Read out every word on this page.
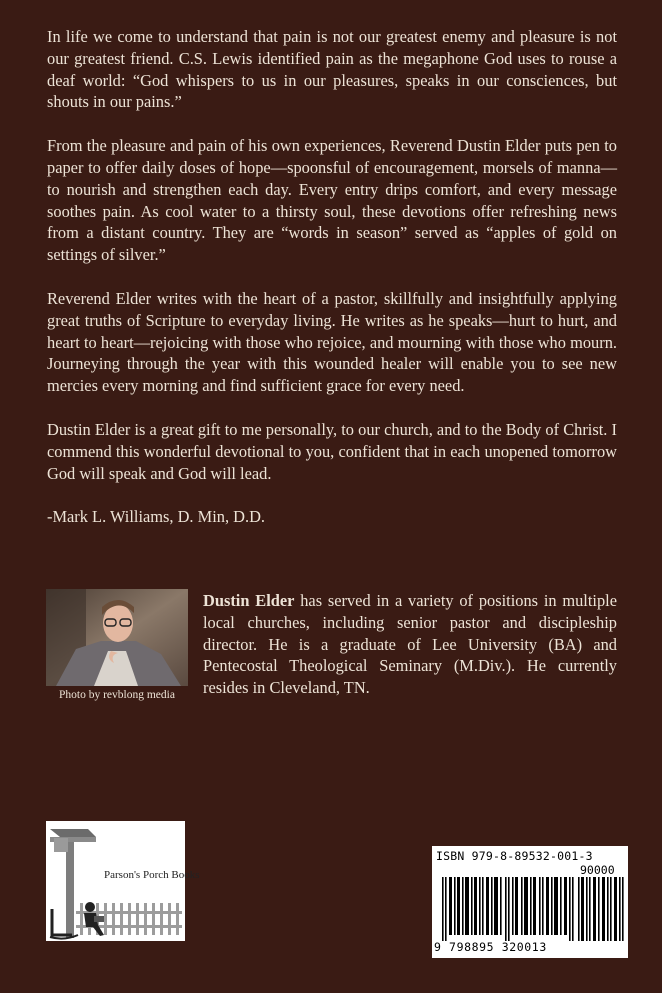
In life we come to understand that pain is not our greatest enemy and pleasure is not our greatest friend. C.S. Lewis identified pain as the megaphone God uses to rouse a deaf world: “God whispers to us in our pleasures, speaks in our consciences, but shouts in our pains.”

From the pleasure and pain of his own experiences, Reverend Dustin Elder puts pen to paper to offer daily doses of hope—spoonsful of encouragement, morsels of manna—to nourish and strengthen each day. Every entry drips comfort, and every message soothes pain. As cool water to a thirsty soul, these devotions offer refreshing news from a distant country. They are “words in season” served as “apples of gold on settings of silver.”

Reverend Elder writes with the heart of a pastor, skillfully and insightfully applying great truths of Scripture to everyday living. He writes as he speaks—hurt to hurt, and heart to heart—rejoicing with those who rejoice, and mourning with those who mourn. Journeying through the year with this wounded healer will enable you to see new mercies every morning and find sufficient grace for every need.

Dustin Elder is a great gift to me personally, to our church, and to the Body of Christ. I commend this wonderful devotional to you, confident that in each unopened tomorrow God will speak and God will lead.

-Mark L. Williams, D. Min, D.D.

Photo by revblong media
Dustin Elder has served in a variety of positions in multiple local churches, including senior pastor and discipleship director. He is a graduate of Lee University (BA) and Pentecostal Theological Seminary (M.Div.). He currently resides in Cleveland, TN.
Parson's Porch Books
ISBN 979-8-89532-001-3
90000
9 798895 320013
